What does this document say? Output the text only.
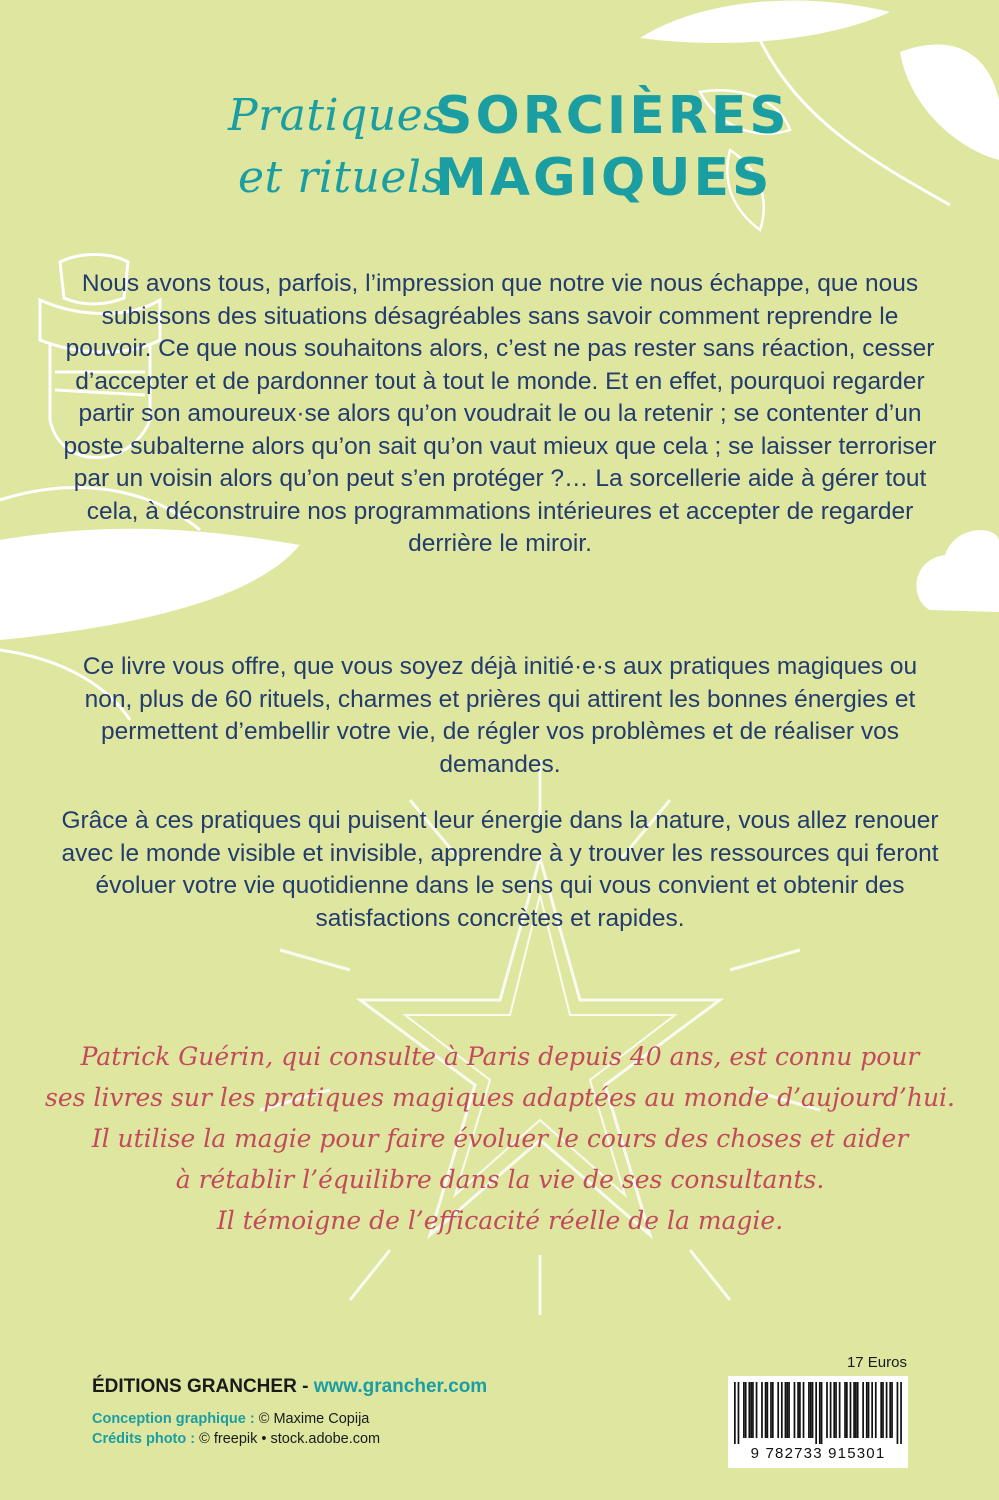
Pratiques
SORCIÈRES
et rituels
MAGIQUES

Nous avons tous, parfois, l’impression que notre vie nous échappe, que nous subissons des situations désagréables sans savoir comment reprendre le pouvoir. Ce que nous souhaitons alors, c’est ne pas rester sans réaction, cesser d’accepter et de pardonner tout à tout le monde. Et en effet, pourquoi regarder partir son amoureux·se alors qu’on voudrait le ou la retenir ; se contenter d’un poste subalterne alors qu’on sait qu’on vaut mieux que cela ; se laisser terroriser par un voisin alors qu’on peut s’en protéger ?… La sorcellerie aide à gérer tout cela, à déconstruire nos programmations intérieures et accepter de regarder derrière le miroir.

Ce livre vous offre, que vous soyez déjà initié·e·s aux pratiques magiques ou non, plus de 60 rituels, charmes et prières qui attirent les bonnes énergies et permettent d’embellir votre vie, de régler vos problèmes et de réaliser vos demandes.

Grâce à ces pratiques qui puisent leur énergie dans la nature, vous allez renouer avec le monde visible et invisible, apprendre à y trouver les ressources qui feront évoluer votre vie quotidienne dans le sens qui vous convient et obtenir des satisfactions concrètes et rapides.

Patrick Guérin, qui consulte à Paris depuis 40 ans, est connu pour

ses livres sur les pratiques magiques adaptées au monde d’aujourd’hui.

Il utilise la magie pour faire évoluer le cours des choses et aider

à rétablir l’équilibre dans la vie de ses consultants.

Il témoigne de l’efficacité réelle de la magie.

ÉDITIONS GRANCHER - www.grancher.com
Conception graphique : © Maxime Copija
Crédits photo : © freepik • stock.adobe.com
17 Euros
9 782733 915301
